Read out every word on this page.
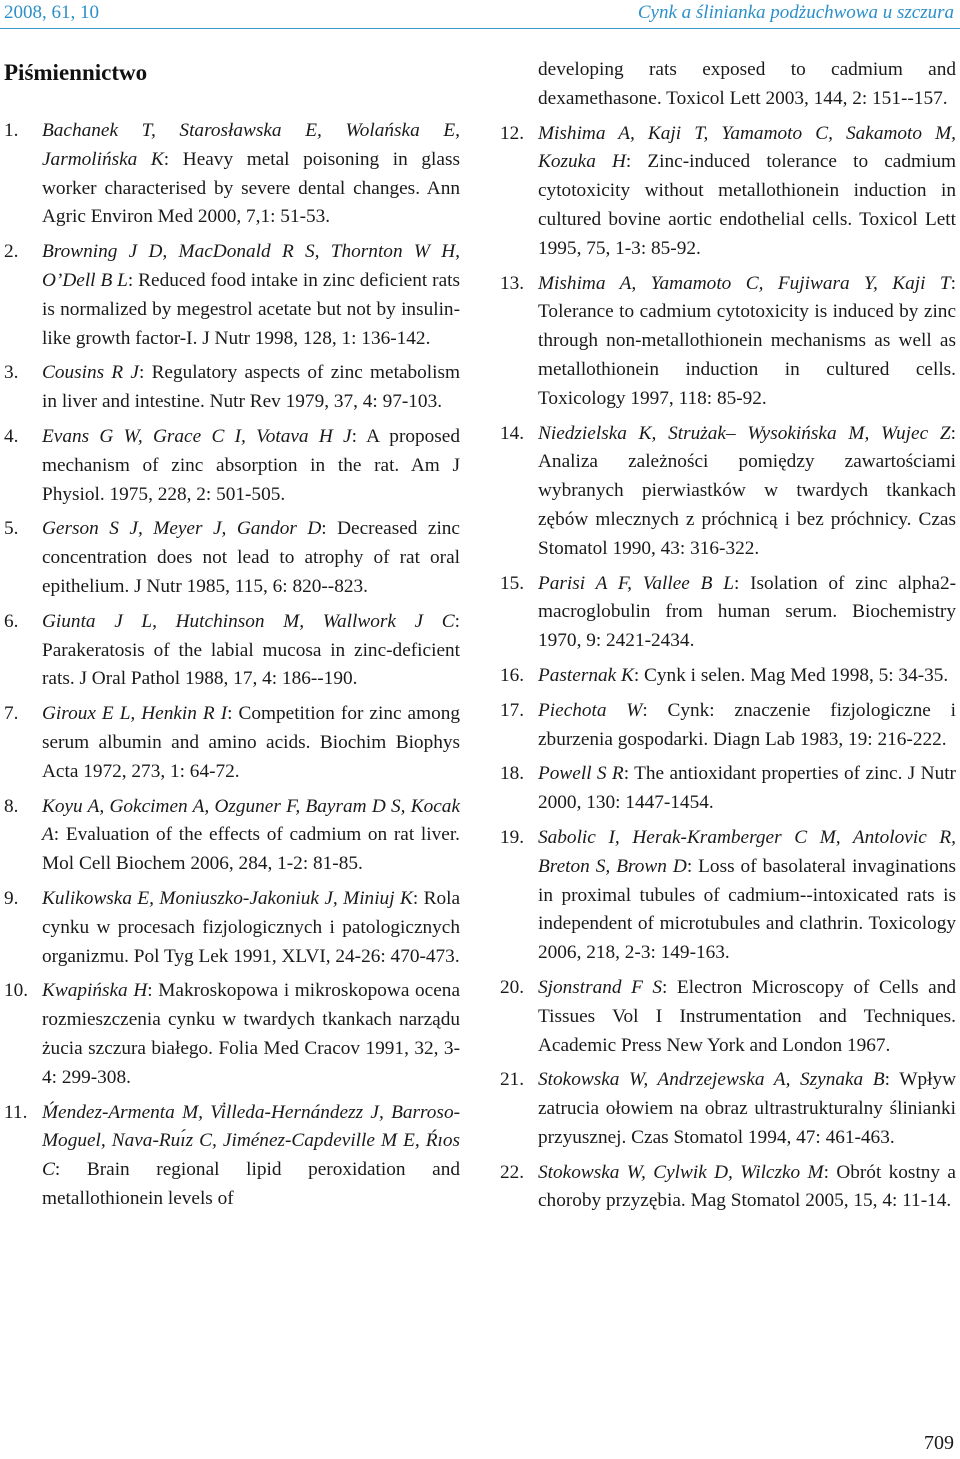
2008, 61, 10	Cynk a ślinianka podżuchwowa u szczura
Piśmiennictwo
1. Bachanek T, Starosławska E, Wolańska E, Jarmolińska K: Heavy metal poisoning in glass worker characterised by severe dental changes. Ann Agric Environ Med 2000, 7,1: 51-53.
2. Browning J D, MacDonald R S, Thornton W H, O’Dell B L: Reduced food intake in zinc deficient rats is normalized by megestrol acetate but not by insulin-like growth factor-I. J Nutr 1998, 128, 1: 136-142.
3. Cousins R J: Regulatory aspects of zinc metabolism in liver and intestine. Nutr Rev 1979, 37, 4: 97-103.
4. Evans G W, Grace C I, Votava H J: A proposed mechanism of zinc absorption in the rat. Am J Physiol. 1975, 228, 2: 501-505.
5. Gerson S J, Meyer J, Gandor D: Decreased zinc concentration does not lead to atrophy of rat oral epithelium. J Nutr 1985, 115, 6: 820--823.
6. Giunta J L, Hutchinson M, Wallwork J C: Parakeratosis of the labial mucosa in zinc-deficient rats. J Oral Pathol 1988, 17, 4: 186--190.
7. Giroux E L, Henkin R I: Competition for zinc among serum albumin and amino acids. Biochim Biophys Acta 1972, 273, 1: 64-72.
8. Koyu A, Gokcimen A, Ozguner F, Bayram D S, Kocak A: Evaluation of the effects of cadmium on rat liver. Mol Cell Biochem 2006, 284, 1-2: 81-85.
9. Kulikowska E, Moniuszko-Jakoniuk J, Miniuj K: Rola cynku w procesach fizjologicznych i patologicznych organizmu. Pol Tyg Lek 1991, XLVI, 24-26: 470-473.
10. Kwapińska H: Makroskopowa i mikroskopowa ocena rozmieszczenia cynku w twardych tkankach narządu żucia szczura białego. Folia Med Cracov 1991, 32, 3-4: 299-308.
11. Ḿendez-Armenta M, Vi̇lleda-Hernándezz J, Barroso-Moguel, Nava-Ruı́z C, Jiménez-Capdeville M E, Ŕıos C: Brain regional lipid peroxidation and metallothionein levels of
developing rats exposed to cadmium and dexamethasone. Toxicol Lett 2003, 144, 2: 151--157.
12. Mishima A, Kaji T, Yamamoto C, Sakamoto M, Kozuka H: Zinc-induced tolerance to cadmium cytotoxicity without metallothionein induction in cultured bovine aortic endothelial cells. Toxicol Lett 1995, 75, 1-3: 85-92.
13. Mishima A, Yamamoto C, Fujiwara Y, Kaji T: Tolerance to cadmium cytotoxicity is induced by zinc through non-metallothionein mechanisms as well as metallothionein induction in cultured cells. Toxicology 1997, 118: 85-92.
14. Niedzielska K, Strużak– Wysokińska M, Wujec Z: Analiza zależności pomiędzy zawartościami wybranych pierwiastków w twardych tkankach zębów mlecznych z próchnicą i bez próchnicy. Czas Stomatol 1990, 43: 316-322.
15. Parisi A F, Vallee B L: Isolation of zinc alpha2-macroglobulin from human serum. Biochemistry 1970, 9: 2421-2434.
16. Pasternak K: Cynk i selen. Mag Med 1998, 5: 34-35.
17. Piechota W: Cynk: znaczenie fizjologiczne i zburzenia gospodarki. Diagn Lab 1983, 19: 216-222.
18. Powell S R: The antioxidant properties of zinc. J Nutr 2000, 130: 1447-1454.
19. Sabolic I, Herak-Kramberger C M, Antolovic R, Breton S, Brown D: Loss of basolateral invaginations in proximal tubules of cadmium--intoxicated rats is independent of microtubules and clathrin. Toxicology 2006, 218, 2-3: 149-163.
20. Sjonstrand F S: Electron Microscopy of Cells and Tissues Vol I Instrumentation and Techniques. Academic Press New York and London 1967.
21. Stokowska W, Andrzejewska A, Szynaka B: Wpływ zatrucia ołowiem na obraz ultrastrukturalny ślinianki przyusznej. Czas Stomatol 1994, 47: 461-463.
22. Stokowska W, Cylwik D, Wilczko M: Obrót kostny a choroby przyzębia. Mag Stomatol 2005, 15, 4: 11-14.
709
